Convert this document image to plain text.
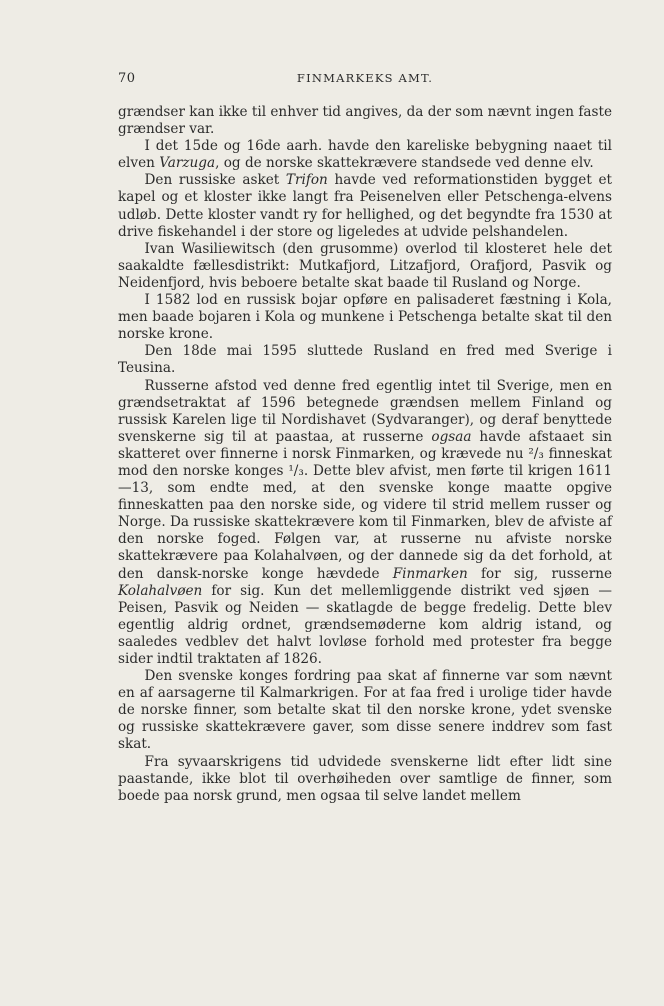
70	FINMARKEKS AMT.

grændser kan ikke til enhver tid angives, da der som nævnt ingen faste grændser var.

I det 15de og 16de aarh. havde den kareliske bebygning naaet til elven Varzuga, og de norske skattekrævere standsede ved denne elv.

Den russiske asket Trifon havde ved reformationstiden bygget et kapel og et kloster ikke langt fra Peisenelven eller Petschenga-elvens udløb. Dette kloster vandt ry for hellighed, og det begyndte fra 1530 at drive fiskehandel i der store og ligeledes at udvide pelshandelen.

Ivan Wasiliewitsch (den grusomme) overlod til klosteret hele det saakaldte fællesdistrikt: Mutkafjord, Litzafjord, Orafjord, Pasvik og Neidenfjord, hvis beboere betalte skat baade til Rusland og Norge.

I 1582 lod en russisk bojar opføre en palisaderet fæstning i Kola, men baade bojaren i Kola og munkene i Petschenga betalte skat til den norske krone.

Den 18de mai 1595 sluttede Rusland en fred med Sverige i Teusina.

Russerne afstod ved denne fred egentlig intet til Sverige, men en grændsetraktat af 1596 betegnede grændsen mellem Finland og russisk Karelen lige til Nordishavet (Sydvaranger), og deraf benyttede svenskerne sig til at paastaa, at russerne ogsaa havde afstaaet sin skatteret over finnerne i norsk Finmarken, og krævede nu ²/₃ finneskat mod den norske konges ¹/₃. Dette blev afvist, men førte til krigen 1611—13, som endte med, at den svenske konge maatte opgive finneskatten paa den norske side, og videre til strid mellem russer og Norge. Da russiske skattekrævere kom til Finmarken, blev de afviste af den norske foged. Følgen var, at russerne nu afviste norske skattekrævere paa Kolahalvøen, og der dannede sig da det forhold, at den dansk-norske konge hævdede Finmarken for sig, russerne Kolahalvøen for sig. Kun det mellemliggende distrikt ved sjøen — Peisen, Pasvik og Neiden — skatlagde de begge fredelig. Dette blev egentlig aldrig ordnet, grændsemøderne kom aldrig istand, og saaledes vedblev det halvt lovløse forhold med protester fra begge sider indtil traktaten af 1826.

Den svenske konges fordring paa skat af finnerne var som nævnt en af aarsagerne til Kalmarkrigen. For at faa fred i urolige tider havde de norske finner, som betalte skat til den norske krone, ydet svenske og russiske skattekrævere gaver, som disse senere inddrev som fast skat.

Fra syvaarskrigens tid udvidede svenskerne lidt efter lidt sine paastande, ikke blot til overhøiheden over samtlige de finner, som boede paa norsk grund, men ogsaa til selve landet mellem
